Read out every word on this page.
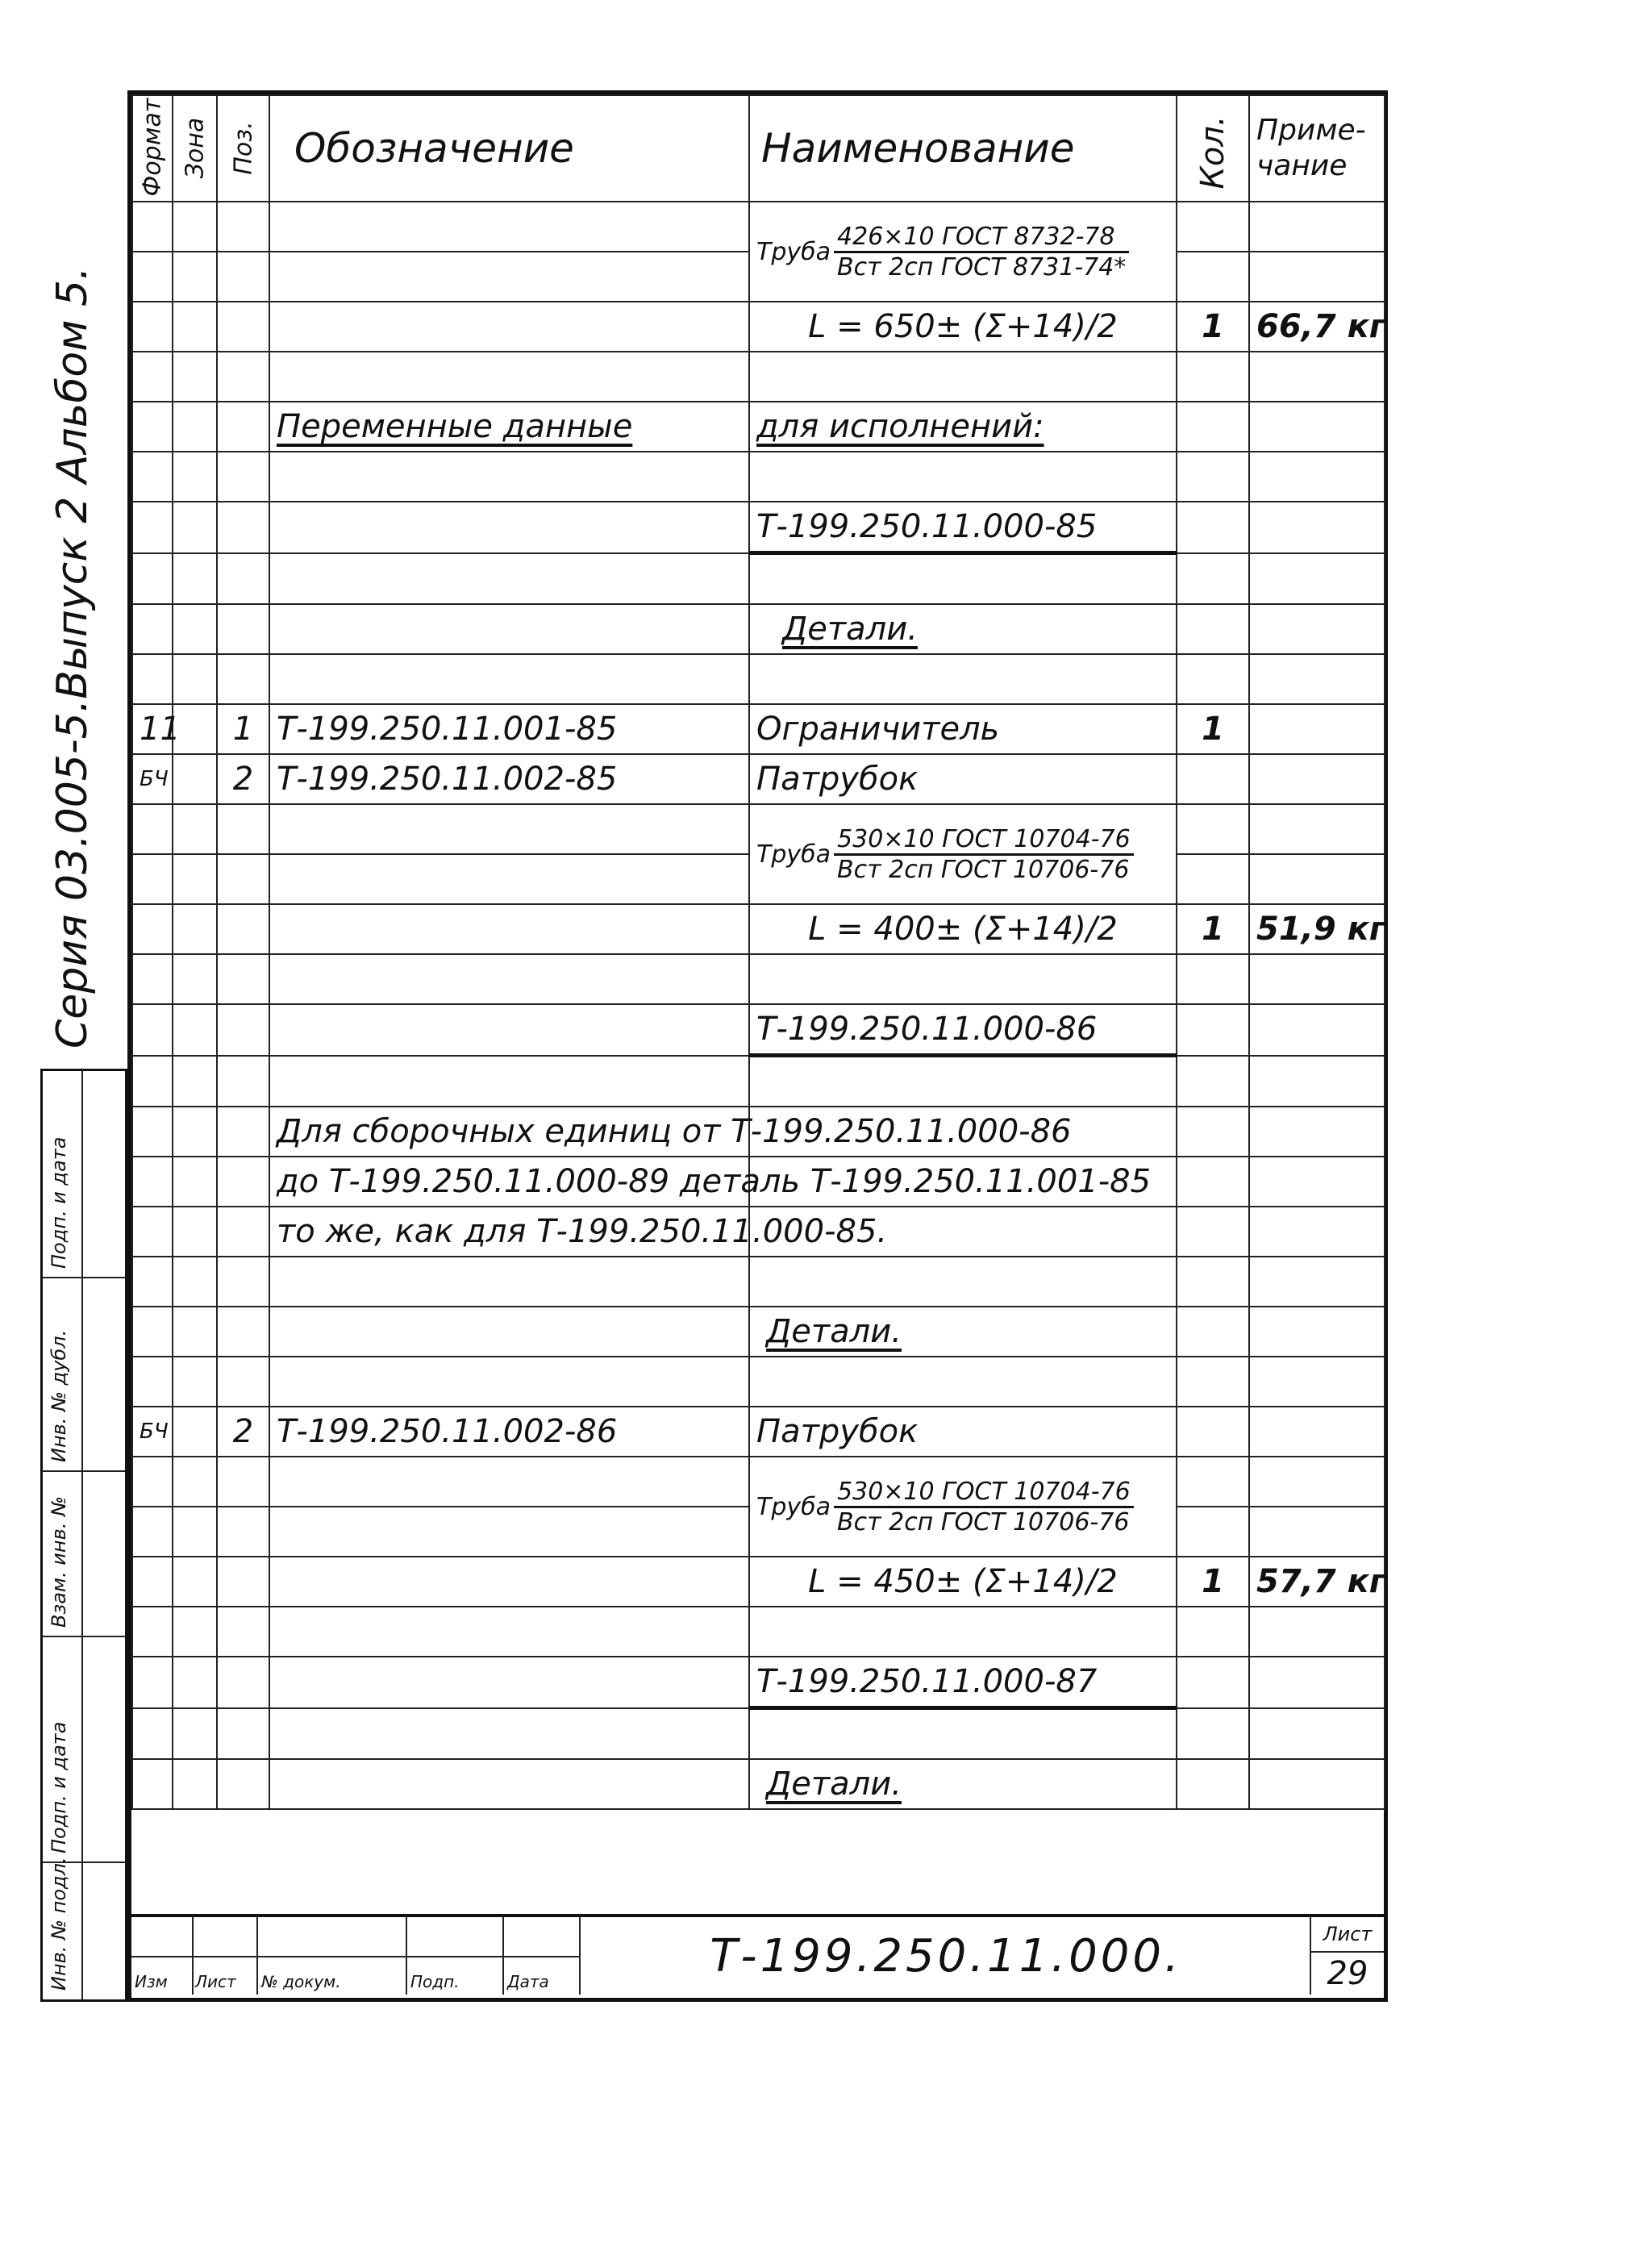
Серия 03.005-5.Выпуск 2 Альбом 5.
Подп. и дата
Инв. № дубл.
Взам. инв. №
Подп. и дата
Инв. № подл.
Формат	Зона	Поз.	Обозначение	Наименование	Кол.	Приме- чание

				Труба $\frac{\text{426×10 ГОСТ 8732-78}}{\text{Вст 2сп ГОСТ 8731-74*}}$

				L = 650± (Σ+14)/2	1	66,7 кг

			Переменные данные	для исполнений:		

				Т-199.250.11.000-85		

				Детали.		

11		1	Т-199.250.11.001-85	Ограничитель	1	
БЧ		2	Т-199.250.11.002-85	Патрубок		

				Труба $\frac{\text{530×10 ГОСТ 10704-76}}{\text{Вст 2сп ГОСТ 10706-76}}$

				L = 400± (Σ+14)/2	1	51,9 кг

				Т-199.250.11.000-86		

			Для сборочных единиц от Т-199.250.11.000-86			

			до Т-199.250.11.000-89 деталь Т-199.250.11.001-85			

			то же, как для Т-199.250.11.000-85.			

				Детали.		

БЧ		2	Т-199.250.11.002-86	Патрубок		

				Труба $\frac{\text{530×10 ГОСТ 10704-76}}{\text{Вст 2сп ГОСТ 10706-76}}$

				L = 450± (Σ+14)/2	1	57,7 кг

				Т-199.250.11.000-87		

				Детали.		
Изм Лист № докум.	Подп.	Дата	Т-199.250.11.000.	Лист
29
